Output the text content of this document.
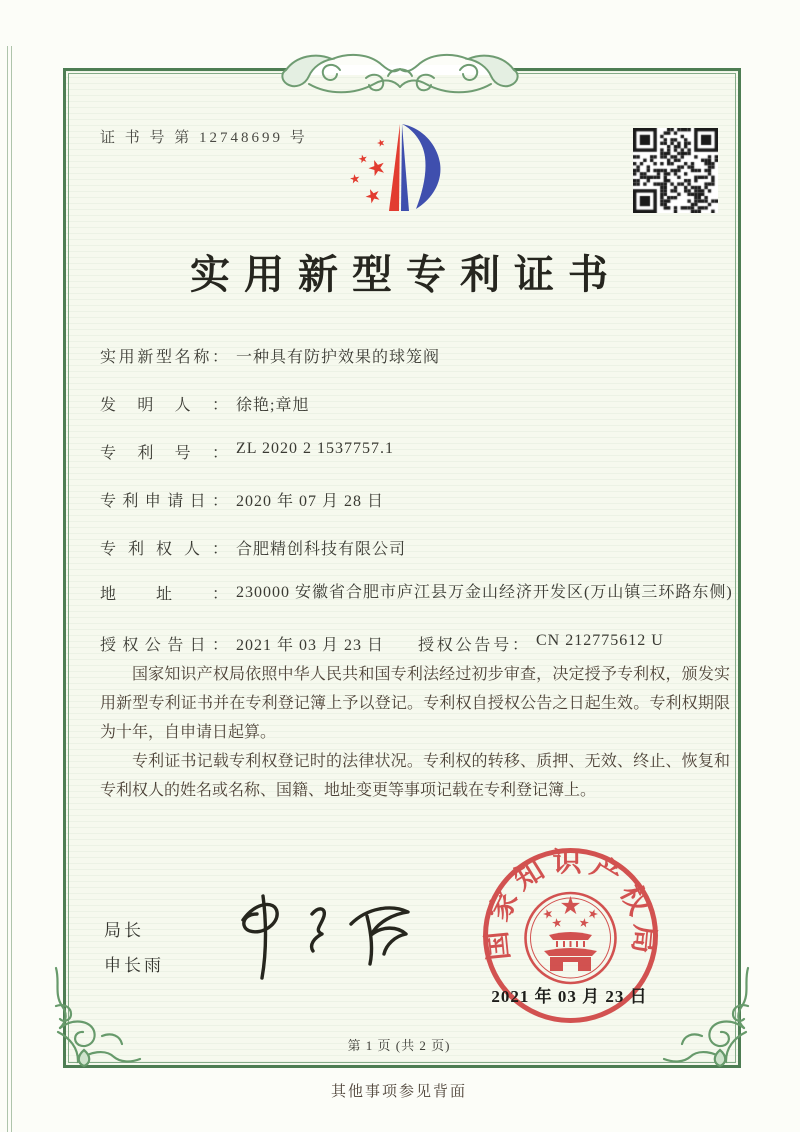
证 书 号 第 12748699 号
实用新型专利证书
实用新型名称： 一种具有防护效果的球笼阀
发明人： 徐艳;章旭
专利号： ZL 2020 2 1537757.1
专利申请日： 2020 年 07 月 28 日
专利权人： 合肥精创科技有限公司
地址： 230000 安徽省合肥市庐江县万金山经济开发区(万山镇三环路东侧)
授权公告日： 2021 年 03 月 23 日	授权公告号： CN 212775612 U

国家知识产权局依照中华人民共和国专利法经过初步审查，决定授予专利权，颁发实用新型专利证书并在专利登记簿上予以登记。专利权自授权公告之日起生效。专利权期限为十年，自申请日起算。

专利证书记载专利权登记时的法律状况。专利权的转移、质押、无效、终止、恢复和专利权人的姓名或名称、国籍、地址变更等事项记载在专利登记簿上。

局长
申长雨
国家知识产权局
2021 年 03 月 23 日
第 1 页 (共 2 页)
其他事项参见背面
